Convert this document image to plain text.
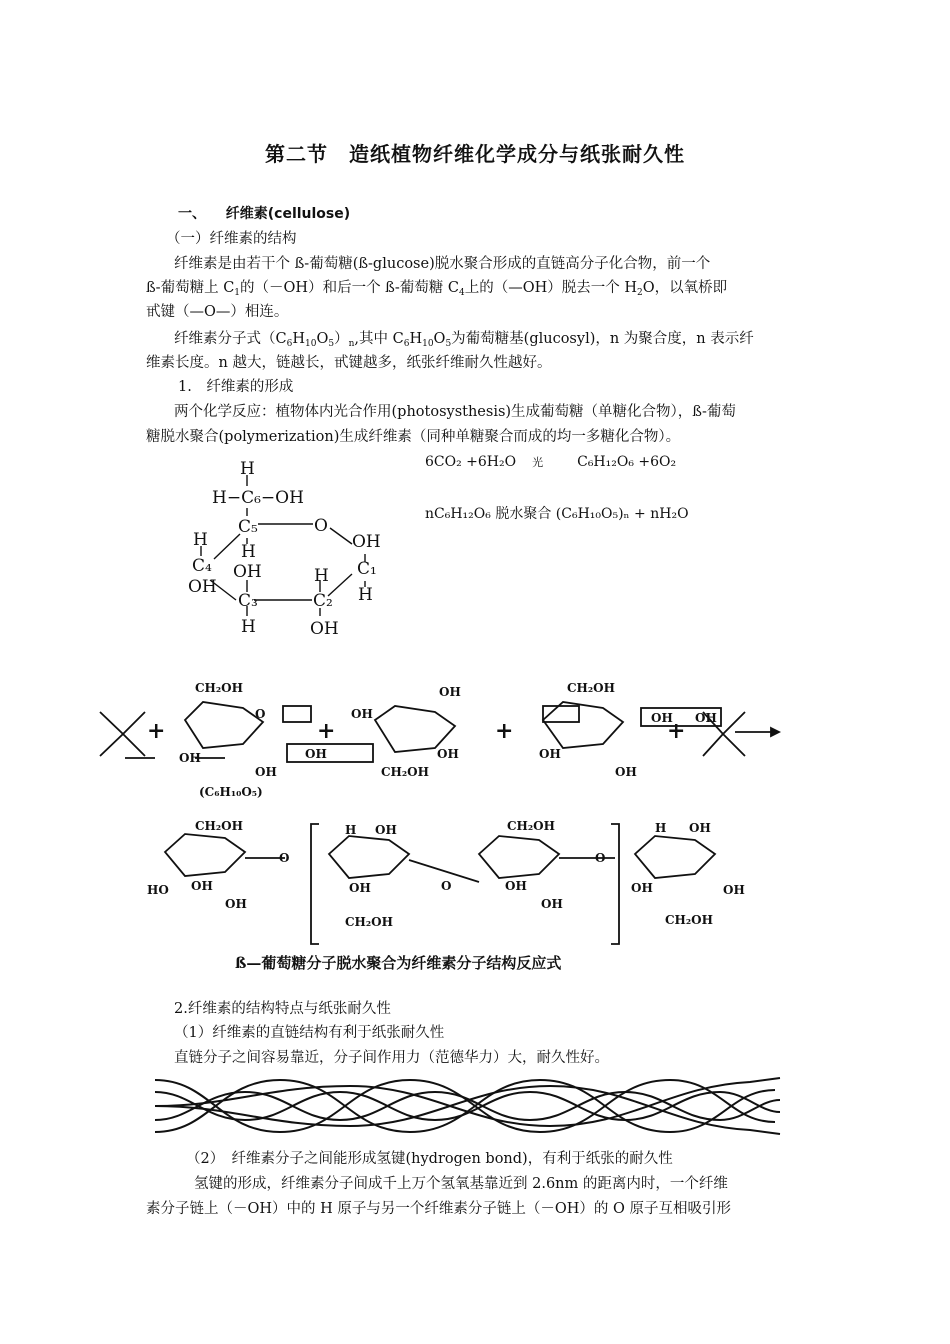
第二节　造纸植物纤维化学成分与纸张耐久性
一、 纤维素(cellulose)
（一）纤维素的结构
纤维素是由若干个 ß-葡萄糖(ß-glucose)脱水聚合形成的直链高分子化合物，前一个
ß-葡萄糖上 $C_1$的（－OH）和后一个 ß-葡萄糖 $C_4$上的（—OH）脱去一个 $H_2O$，以氧桥即
甙键（—O—）相连。
纤维素分子式$(C_6H_{10}O_5)_n$,其中 $C_6H_{10}O_5$为葡萄糖基(glucosyl)，n 为聚合度，n 表示纤
维素长度。n 越大，链越长，甙键越多，纸张纤维耐久性越好。
1.　纤维素的形成
两个化学反应：植物体内光合作用(photosysthesis)生成葡萄糖（单糖化合物），ß-葡萄
糖脱水聚合(polymerization)生成纤维素（同种单糖聚合而成的均一多糖化合物）。
6CO₂ +6H₂O 光 C₆H₁₂O₆ +6O₂
nC₆H₁₂O₆ 脱水聚合 (C₆H₁₀O₅)ₙ + nH₂O
H
H−C₆−OH
C₅	O
H
H
C₄
OH
OH
C₃
H
H
C₂
OH
OH
C₁
H
CH₂OH
+	+	+	+
OH
OH
O	OH
OH
CH₂OH
OH
OH	OH
CH₂OH
OH
OH OH
(C₆H₁₀O₅)
CH₂OH
HO OH
OH
O
H OH
OH
CH₂OH
O
CH₂OH
OH
OH
O
H OH
OH	OH
CH₂OH
ß—葡萄糖分子脱水聚合为纤维素分子结构反应式
2.纤维素的结构特点与纸张耐久性
（1）纤维素的直链结构有利于纸张耐久性
直链分子之间容易靠近，分子间作用力（范德华力）大，耐久性好。
（2）　纤维素分子之间能形成氢键(hydrogen bond)，有利于纸张的耐久性
氢键的形成，纤维素分子间成千上万个氢氧基靠近到 2.6nm 的距离内时，一个纤维
素分子链上（－OH）中的 H 原子与另一个纤维素分子链上（－OH）的 O 原子互相吸引形
